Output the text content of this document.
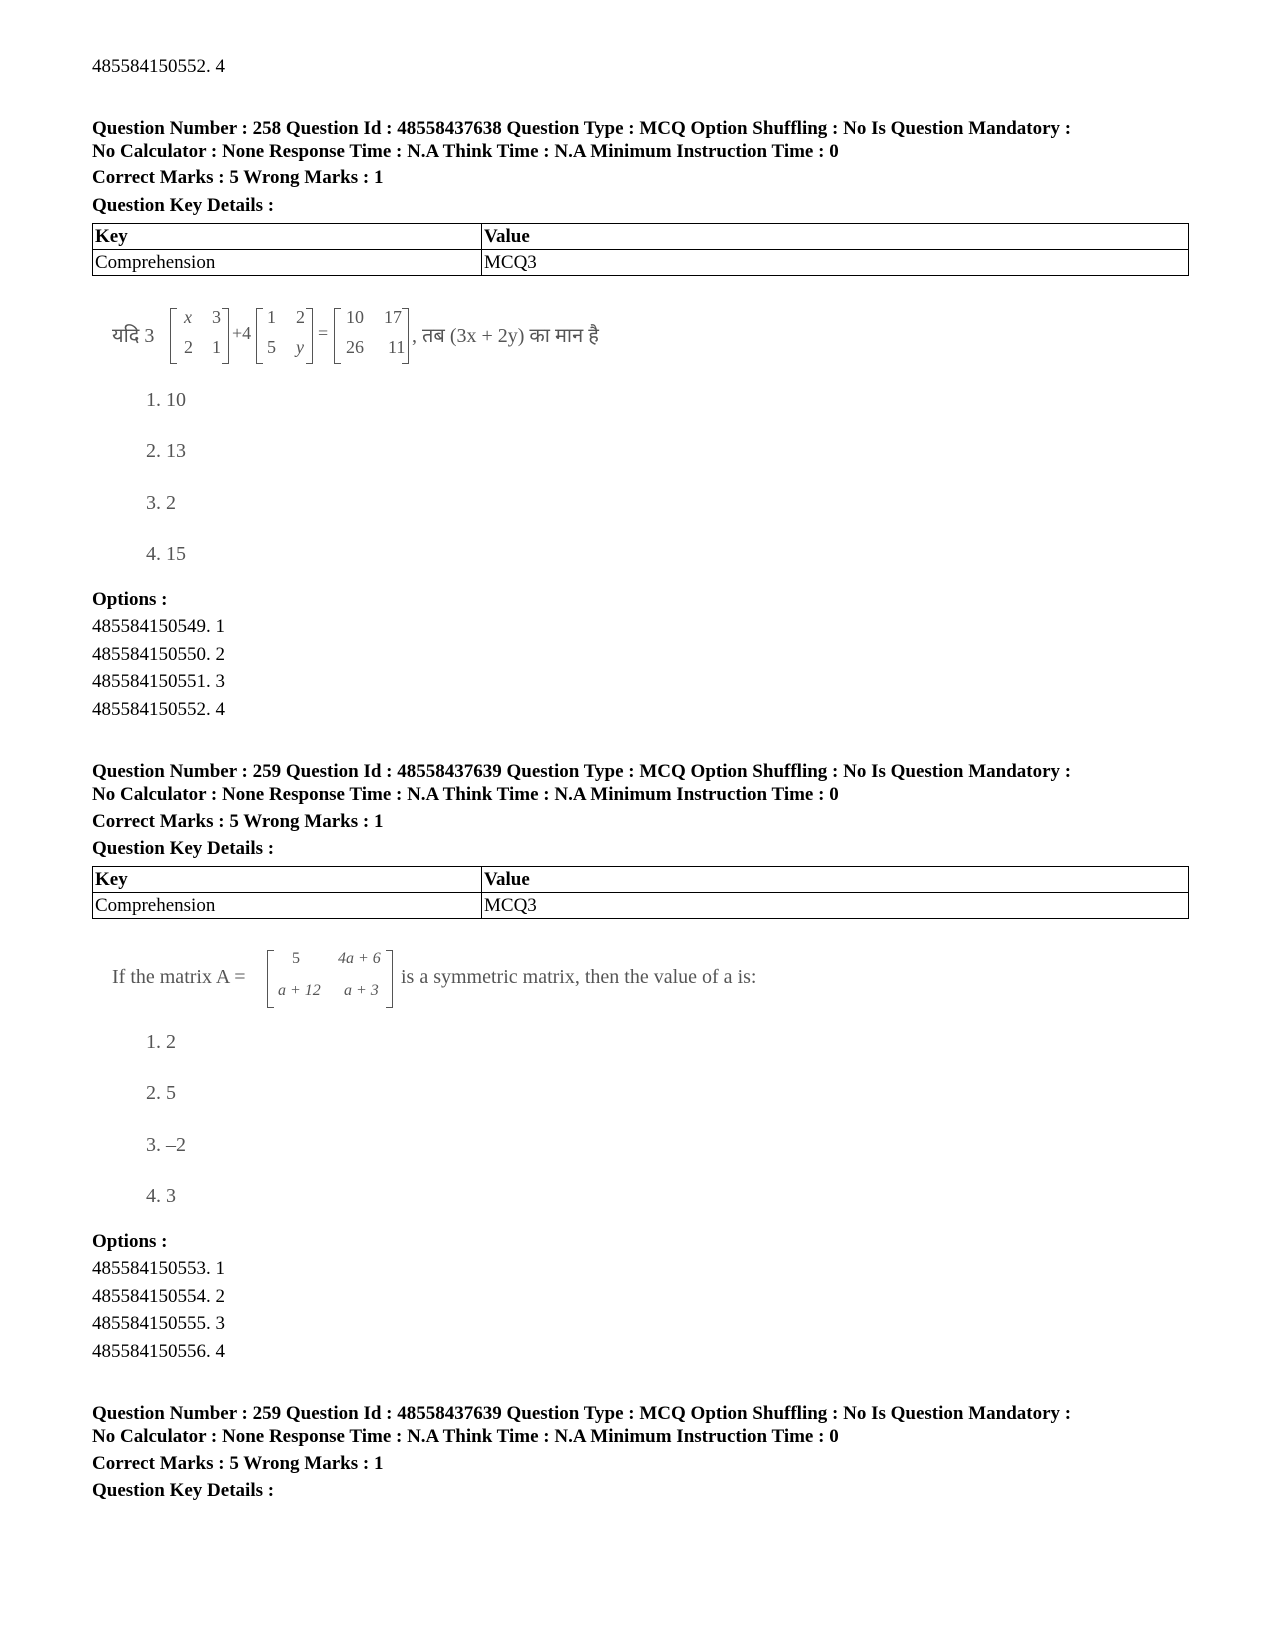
485584150552. 4
Question Number : 258 Question Id : 48558437638 Question Type : MCQ Option Shuffling : No Is Question Mandatory :
No Calculator : None Response Time : N.A Think Time : N.A Minimum Instruction Time : 0
Correct Marks : 5 Wrong Marks : 1
Question Key Details :
Key	Value
Comprehension	MCQ3
यदि 3
x 3
2 1
+4
1 2
5 y
=
10 17
26 11 , तब (3x + 2y) का मान है
1. 10
2. 13
3. 2
4. 15
Options :
485584150549. 1
485584150550. 2
485584150551. 3
485584150552. 4
Question Number : 259 Question Id : 48558437639 Question Type : MCQ Option Shuffling : No Is Question Mandatory :
No Calculator : None Response Time : N.A Think Time : N.A Minimum Instruction Time : 0
Correct Marks : 5 Wrong Marks : 1
Question Key Details :
Key	Value
Comprehension	MCQ3
If the matrix A =
5 4a + 6
a + 12 a + 3
is a symmetric matrix, then the value of a is:
1. 2
2. 5
3. –2
4. 3
Options :
485584150553. 1
485584150554. 2
485584150555. 3
485584150556. 4
Question Number : 259 Question Id : 48558437639 Question Type : MCQ Option Shuffling : No Is Question Mandatory :
No Calculator : None Response Time : N.A Think Time : N.A Minimum Instruction Time : 0
Correct Marks : 5 Wrong Marks : 1
Question Key Details :
